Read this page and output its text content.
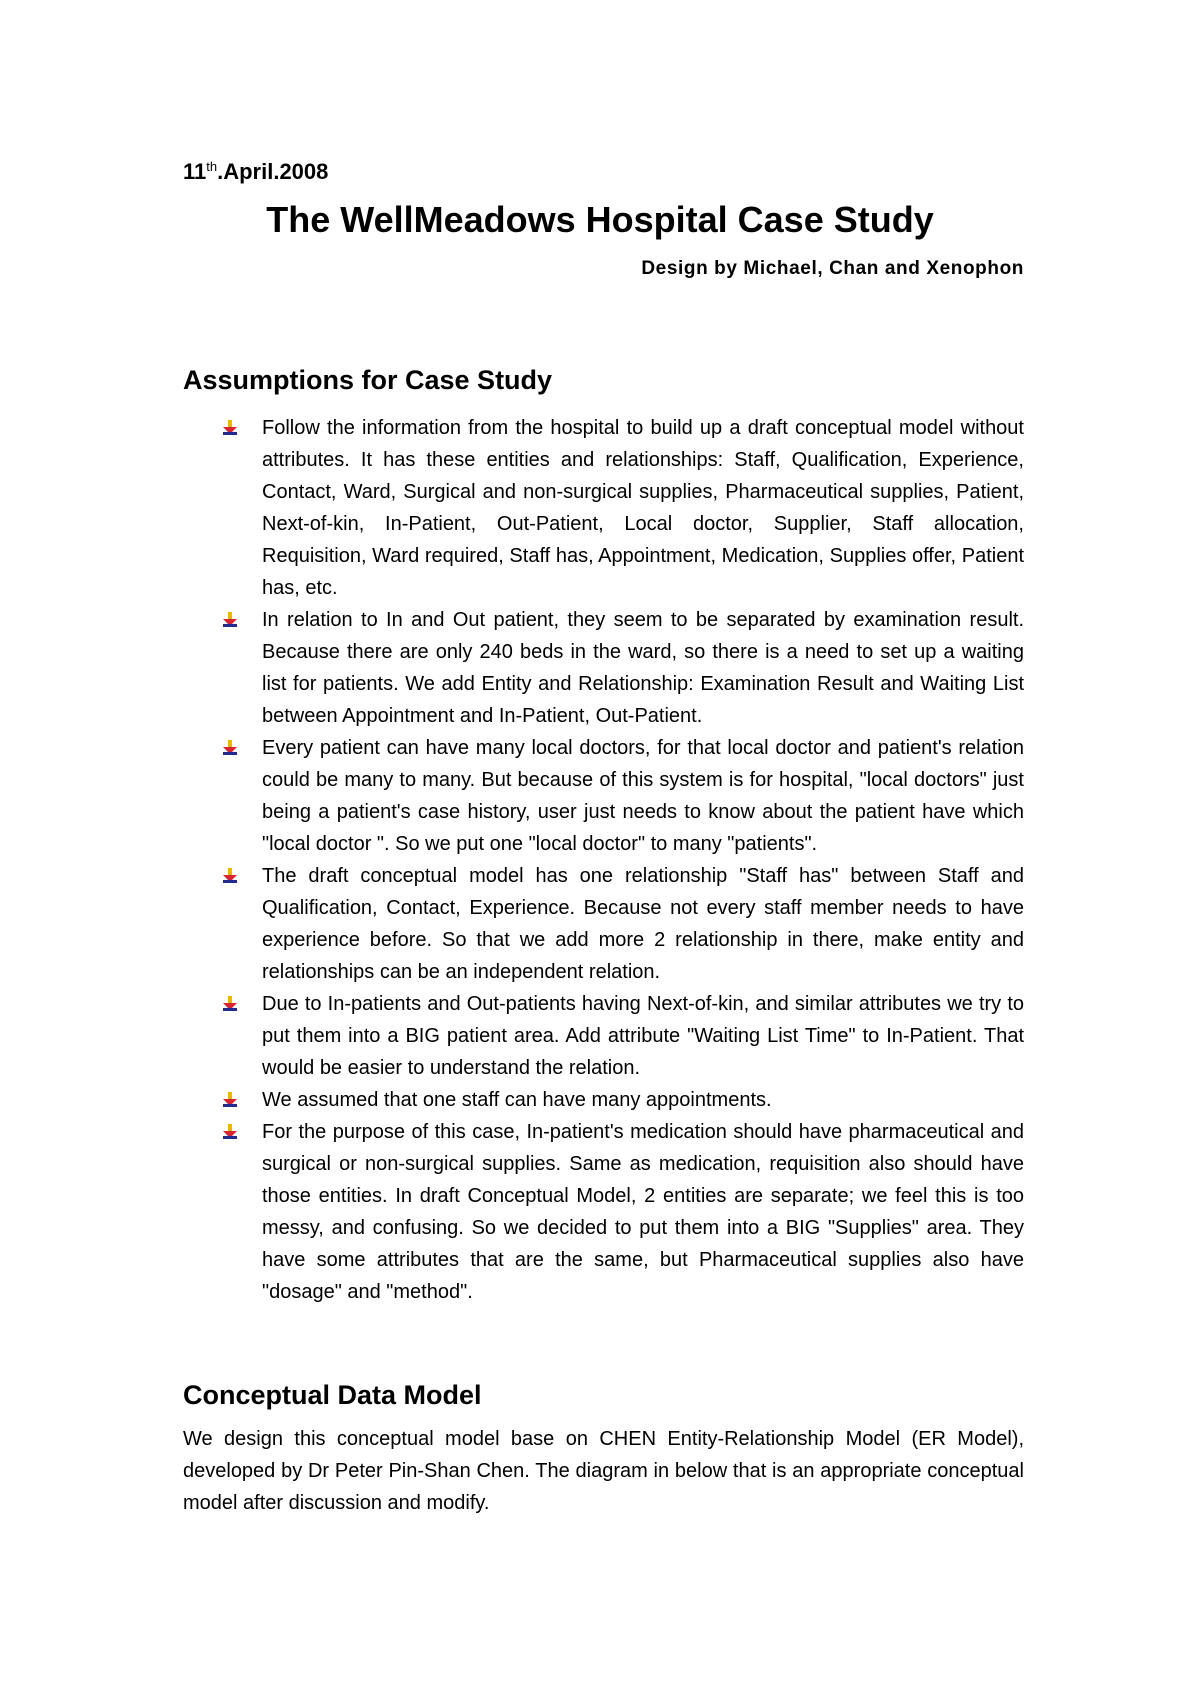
11th.April.2008
The WellMeadows Hospital Case Study
Design by Michael, Chan and Xenophon
Assumptions for Case Study
Follow the information from the hospital to build up a draft conceptual model without attributes. It has these entities and relationships: Staff, Qualification, Experience, Contact, Ward, Surgical and non-surgical supplies, Pharmaceutical supplies, Patient, Next-of-kin, In-Patient, Out-Patient, Local doctor, Supplier, Staff allocation, Requisition, Ward required, Staff has, Appointment, Medication, Supplies offer, Patient has, etc.
In relation to In and Out patient, they seem to be separated by examination result. Because there are only 240 beds in the ward, so there is a need to set up a waiting list for patients. We add Entity and Relationship: Examination Result and Waiting List between Appointment and In-Patient, Out-Patient.
Every patient can have many local doctors, for that local doctor and patient's relation could be many to many. But because of this system is for hospital, "local doctors" just being a patient's case history, user just needs to know about the patient have which "local doctor ". So we put one "local doctor" to many "patients".
The draft conceptual model has one relationship "Staff has" between Staff and Qualification, Contact, Experience. Because not every staff member needs to have experience before. So that we add more 2 relationship in there, make entity and relationships can be an independent relation.
Due to In-patients and Out-patients having Next-of-kin, and similar attributes we try to put them into a BIG patient area. Add attribute "Waiting List Time" to In-Patient. That would be easier to understand the relation.
We assumed that one staff can have many appointments.
For the purpose of this case, In-patient's medication should have pharmaceutical and surgical or non-surgical supplies. Same as medication, requisition also should have those entities. In draft Conceptual Model, 2 entities are separate; we feel this is too messy, and confusing. So we decided to put them into a BIG "Supplies" area. They have some attributes that are the same, but Pharmaceutical supplies also have "dosage" and "method".
Conceptual Data Model

We design this conceptual model base on CHEN Entity-Relationship Model (ER Model), developed by Dr Peter Pin-Shan Chen. The diagram in below that is an appropriate conceptual model after discussion and modify.
